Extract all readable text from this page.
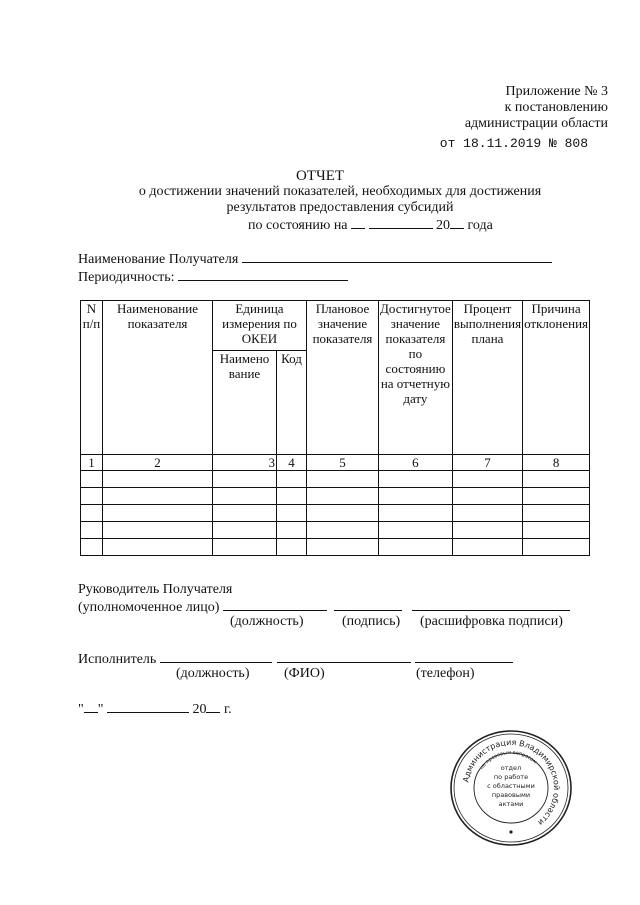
Приложение № 3
к постановлению
администрации области
от 18.11.2019 № 808
ОТЧЕТ
о достижении значений показателей, необходимых для достижения
результатов предоставления субсидий
по состоянию на	20 года
Наименование Получателя
Периодичность:
N п/п	Наименование показателя	Единица измерения по ОКЕИ		Плановое значение показателя	Достигнутое значение показателя по состоянию на отчетную дату	Процент выполнения плана	Причина отклонения
		Наимено вание	Код				
1	2	3	4	5	6	7	8

Руководитель Получателя
(уполномоченное лицо)
(должность)	(подпись) (расшифровка подписи)
Исполнитель
(должность) (ФИО)	(телефон)
" "	20 г.
Администрация Владимирской области
по правовым вопросам
отдел
по работе
с областными
правовыми
актами
